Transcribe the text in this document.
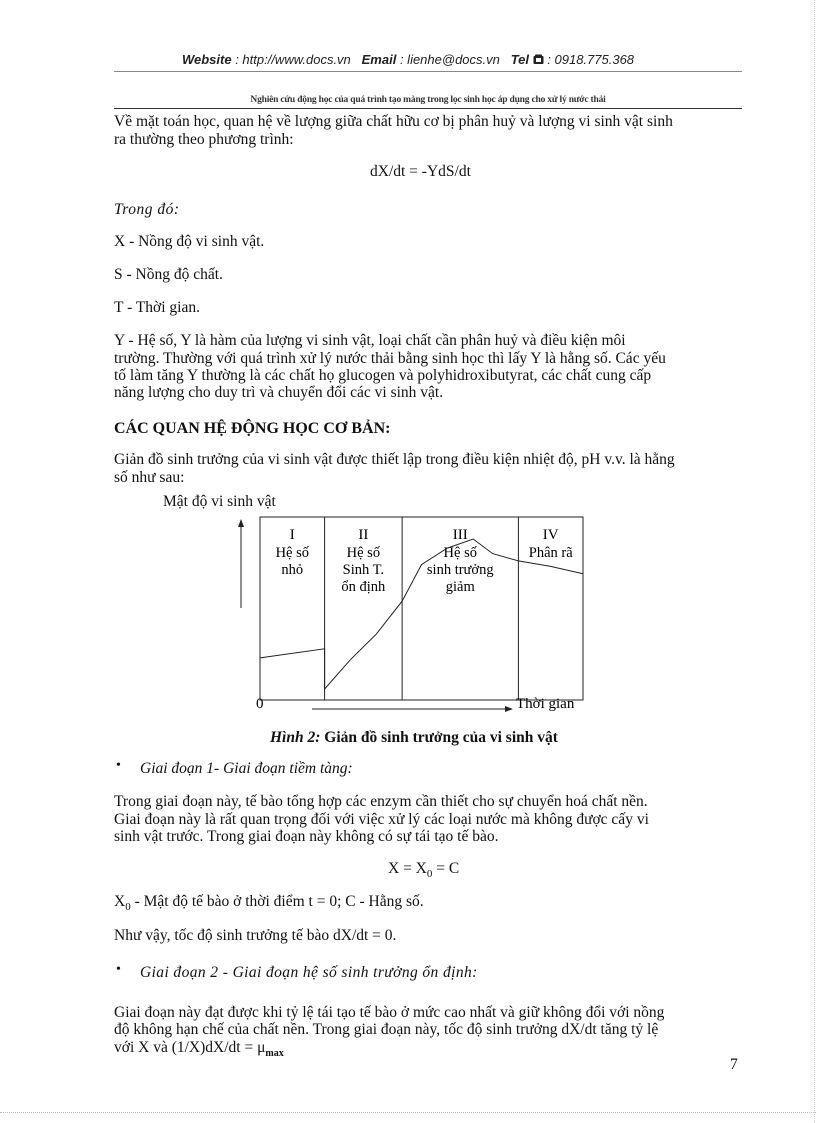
Website : http://www.docs.vn Email : lienhe@docs.vn Tel : 0918.775.368
Nghiên cứu động học của quá trình tạo màng trong lọc sinh học áp dụng cho xử lý nước thải
Về mặt toán học, quan hệ về lượng giữa chất hữu cơ bị phân huỷ và lượng vi sinh vật sinh
ra thường theo phương trình:
dX/dt = -YdS/dt
Trong đó:
X - Nồng độ vi sinh vật.
S - Nồng độ chất.
T - Thời gian.
Y - Hệ số, Y là hàm của lượng vi sinh vật, loại chất cần phân huỷ và điều kiện môi
trường. Thường với quá trình xử lý nước thải bằng sinh học thì lấy Y là hằng số. Các yếu
tố làm tăng Y thường là các chất họ glucogen và polyhidroxibutyrat, các chất cung cấp
năng lượng cho duy trì và chuyển đổi các vi sinh vật.
CÁC QUAN HỆ ĐỘNG HỌC CƠ BẢN:
Giản đồ sinh trưởng của vi sinh vật được thiết lập trong điều kiện nhiệt độ, pH v.v. là hằng
số như sau:
Mật độ vi sinh vật
I
Hệ số
nhỏ
II
Hệ số
Sinh T.
ổn định
III
Hệ số
sinh trưởng
giảm
IV
Phân rã
0	Thời gian
Hình 2: Giản đồ sinh trưởng của vi sinh vật
• Giai đoạn 1- Giai đoạn tiềm tàng:
Trong giai đoạn này, tế bào tổng hợp các enzym cần thiết cho sự chuyển hoá chất nền.
Giai đoạn này là rất quan trọng đối với việc xử lý các loại nước mà không được cấy vi
sinh vật trước. Trong giai đoạn này không có sự tái tạo tế bào.
$X = X_0 = C$
$X_0$ - Mật độ tế bào ở thời điểm t = 0; C - Hằng số.
Như vậy, tốc độ sinh trưởng tế bào dX/dt = 0.
• Giai đoạn 2 - Giai đoạn hệ số sinh trưởng ổn định:
Giai đoạn này đạt được khi tỷ lệ tái tạo tế bào ở mức cao nhất và giữ không đổi với nồng
độ không hạn chế của chất nền. Trong giai đoạn này, tốc độ sinh trưởng dX/dt tăng tỷ lệ
với X và $(1/X)dX/dt = \mu_{max}$
7
